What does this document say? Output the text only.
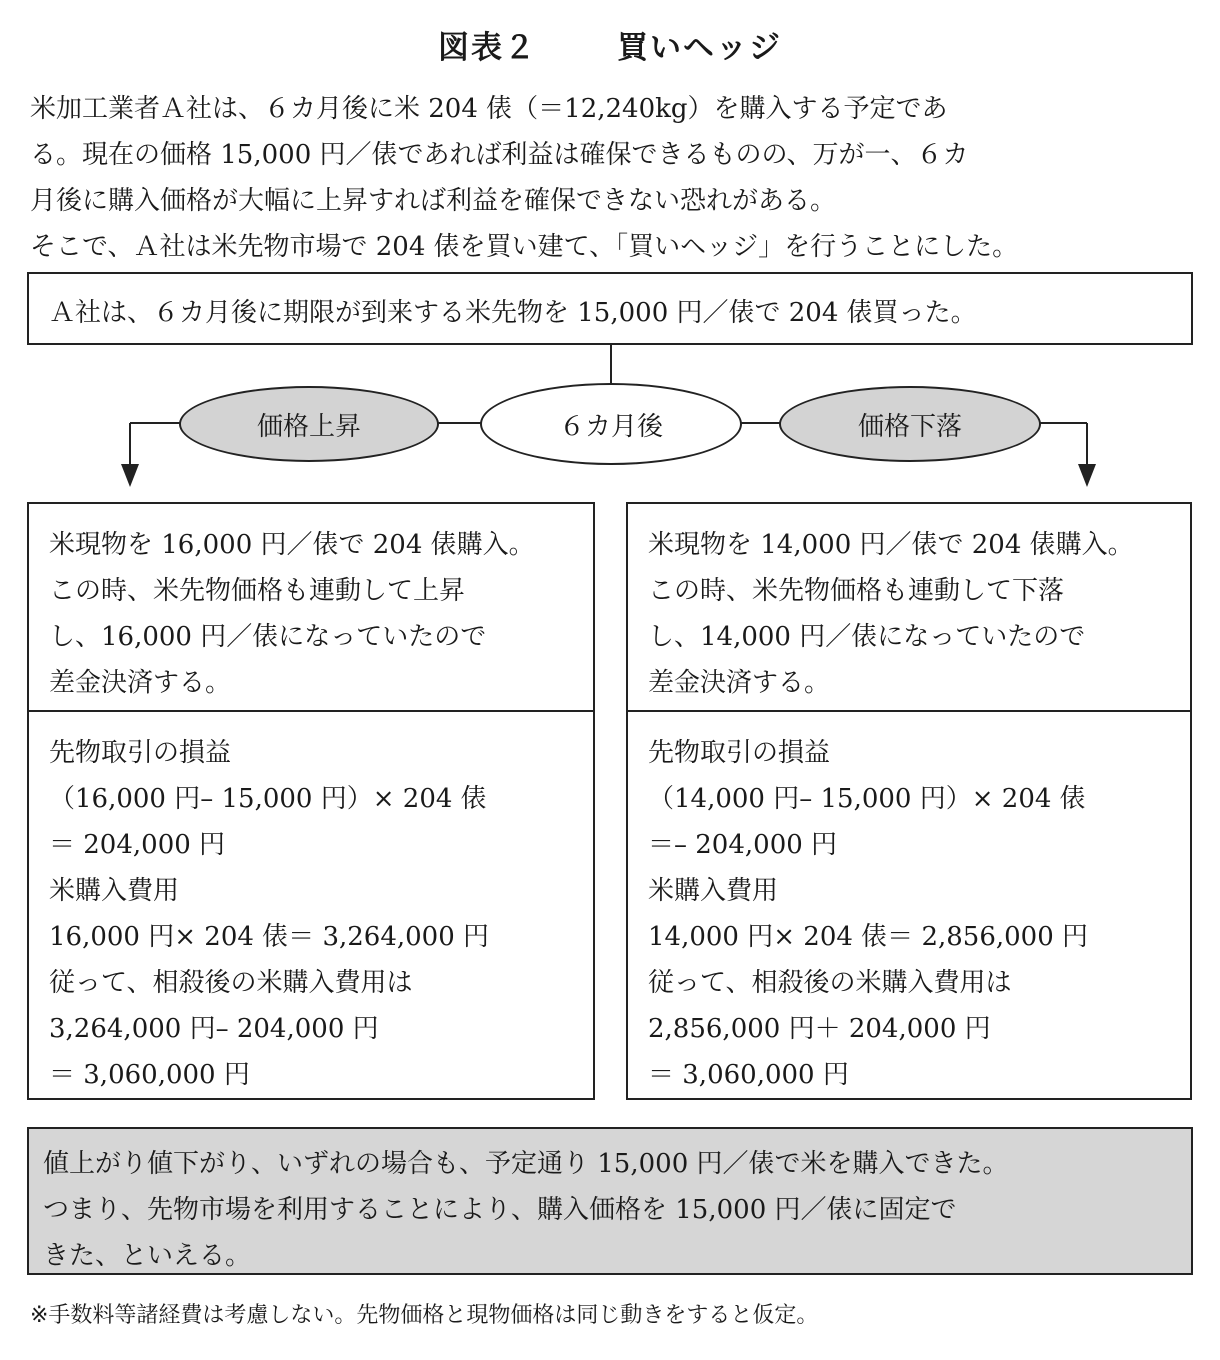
図表２	買いヘッジ
米加工業者Ａ社は、６カ月後に米 204 俵（＝12,240kg）を購入する予定であ
る。現在の価格 15,000 円／俵であれば利益は確保できるものの、万が一、６カ
月後に購入価格が大幅に上昇すれば利益を確保できない恐れがある。
そこで、Ａ社は米先物市場で 204 俵を買い建て、「買いヘッジ」を行うことにした。
Ａ社は、６カ月後に期限が到来する米先物を 15,000 円／俵で 204 俵買った。
価格上昇	６カ月後	価格下落
米現物を 16,000 円／俵で 204 俵購入。
この時、米先物価格も連動して上昇
し、16,000 円／俵になっていたので
差金決済する。
先物取引の損益
（16,000 円– 15,000 円）× 204 俵
＝ 204,000 円
米購入費用
16,000 円× 204 俵＝ 3,264,000 円
従って、相殺後の米購入費用は
3,264,000 円– 204,000 円
＝ 3,060,000 円
米現物を 14,000 円／俵で 204 俵購入。
この時、米先物価格も連動して下落
し、14,000 円／俵になっていたので
差金決済する。
先物取引の損益
（14,000 円– 15,000 円）× 204 俵
＝– 204,000 円
米購入費用
14,000 円× 204 俵＝ 2,856,000 円
従って、相殺後の米購入費用は
2,856,000 円＋ 204,000 円
＝ 3,060,000 円
値上がり値下がり、いずれの場合も、予定通り 15,000 円／俵で米を購入できた。
つまり、先物市場を利用することにより、購入価格を 15,000 円／俵に固定で
きた、といえる。
※手数料等諸経費は考慮しない。先物価格と現物価格は同じ動きをすると仮定。
